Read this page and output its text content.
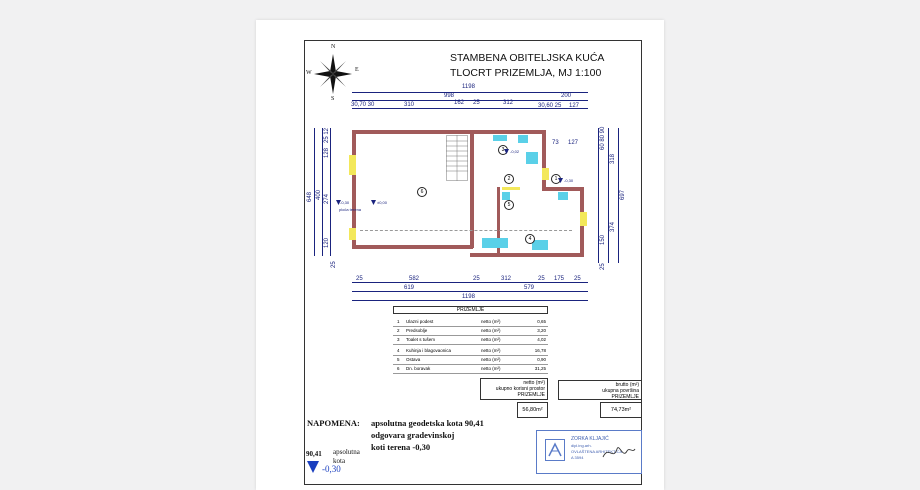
N
S
E
W
STAMBENA OBITELJSKA KUĆA
TLOCRT PRIZEMLJA, MJ 1:100
1198
998	200
30,70 30	310	162 25	312	30,60 25 127
6
3
2	1
5
4
±0,00
-0,30
ploča terena
-0,02
-0,30
648 400
25 12
128
274
120
25
60 80 90
318
374
150
25
697
73 127
25	582	25	312	25 175 25
619	579
1198
PRIZEMLJE
1 Ulazni podest	netto (m²)	0,65
2 Predsoblje	netto (m²)	3,20
3 Toalet s tušem	netto (m²)	4,02
4 Kuhinja i blagovaonica	netto (m²)	16,78
5 Ostava	netto (m²)	0,90
6 Dn. boravak	netto (m²)	31,25
netto (m²)
ukupno korisni prostor
PRIZEMLJE
56,80m²
brutto (m²)
ukupna površina
PRIZEMLJE
74,73m²
NAPOMENA: apsolutna geodetska kota 90,41
odgovara gradevinskoj
koti terena -0,30
90,41 apsolutna
kota
-0,30
ZORKA KLJAJIĆ
dipl.ing.arh.
OVLAŠTENA ARHITEKTICA
A 3594
